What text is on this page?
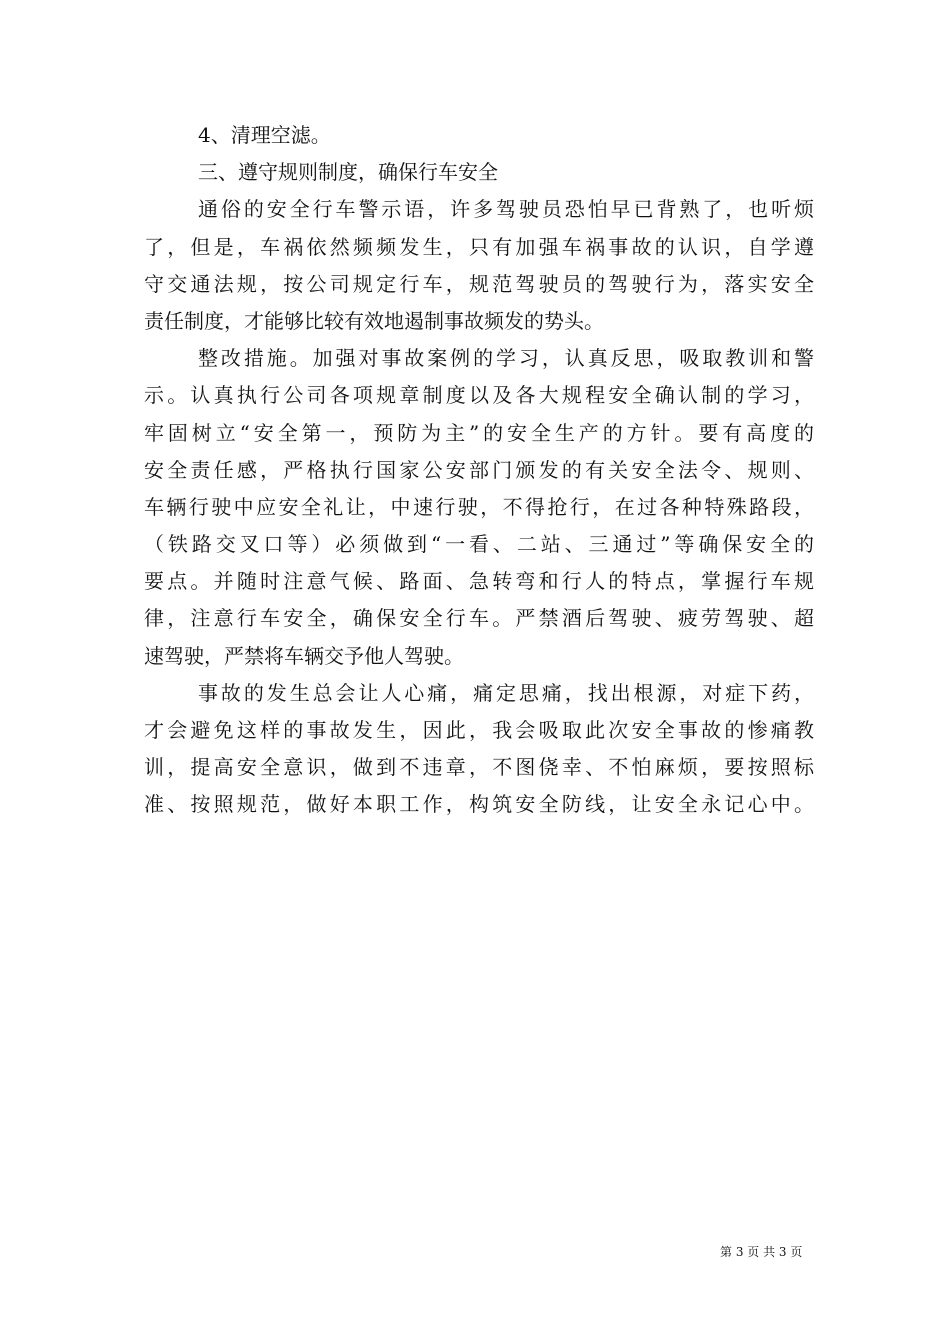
4、清理空滤。
三、遵守规则制度，确保行车安全
通俗的安全行车警示语，许多驾驶员恐怕早已背熟了，也听烦
了，但是，车祸依然频频发生，只有加强车祸事故的认识，自学遵
守交通法规，按公司规定行车，规范驾驶员的驾驶行为，落实安全
责任制度，才能够比较有效地遏制事故频发的势头。
整改措施。加强对事故案例的学习，认真反思，吸取教训和警
示。认真执行公司各项规章制度以及各大规程安全确认制的学习，
牢固树立“安全第一，预防为主”的安全生产的方针。要有高度的
安全责任感，严格执行国家公安部门颁发的有关安全法令、规则、
车辆行驶中应安全礼让，中速行驶，不得抢行，在过各种特殊路段，
（铁路交叉口等）必须做到“一看、二站、三通过”等确保安全的
要点。并随时注意气候、路面、急转弯和行人的特点，掌握行车规
律，注意行车安全，确保安全行车。严禁酒后驾驶、疲劳驾驶、超
速驾驶，严禁将车辆交予他人驾驶。
事故的发生总会让人心痛，痛定思痛，找出根源，对症下药，
才会避免这样的事故发生，因此，我会吸取此次安全事故的惨痛教
训，提高安全意识，做到不违章，不图侥幸、不怕麻烦，要按照标
准、按照规范，做好本职工作，构筑安全防线，让安全永记心中。
第 3 页 共 3 页
